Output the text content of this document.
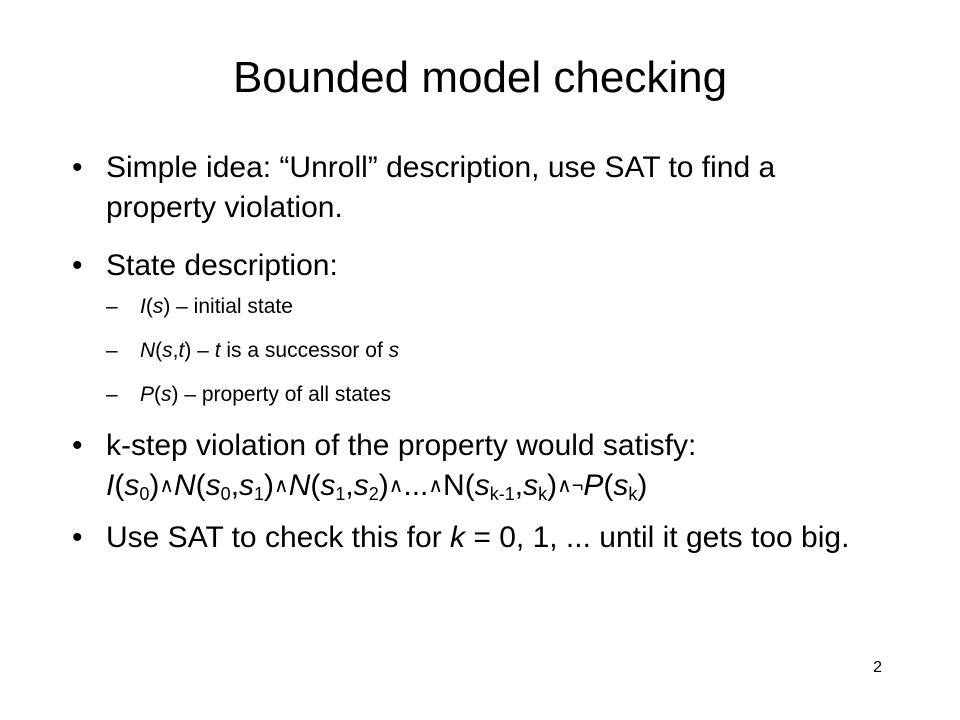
Bounded model checking
• Simple idea: “Unroll” description, use SAT to find a property violation.
• State description:
– I(s) – initial state
– N(s,t) – t is a successor of s
– P(s) – property of all states
• k-step violation of the property would satisfy:
$I(s_0)\wedge N(s_0,s_1)\wedge N(s_1,s_2)\wedge...\wedge N(s_{k-1},s_k)\wedge\neg P(s_k)$
• Use SAT to check this for k = 0, 1, ... until it gets too big.
2
